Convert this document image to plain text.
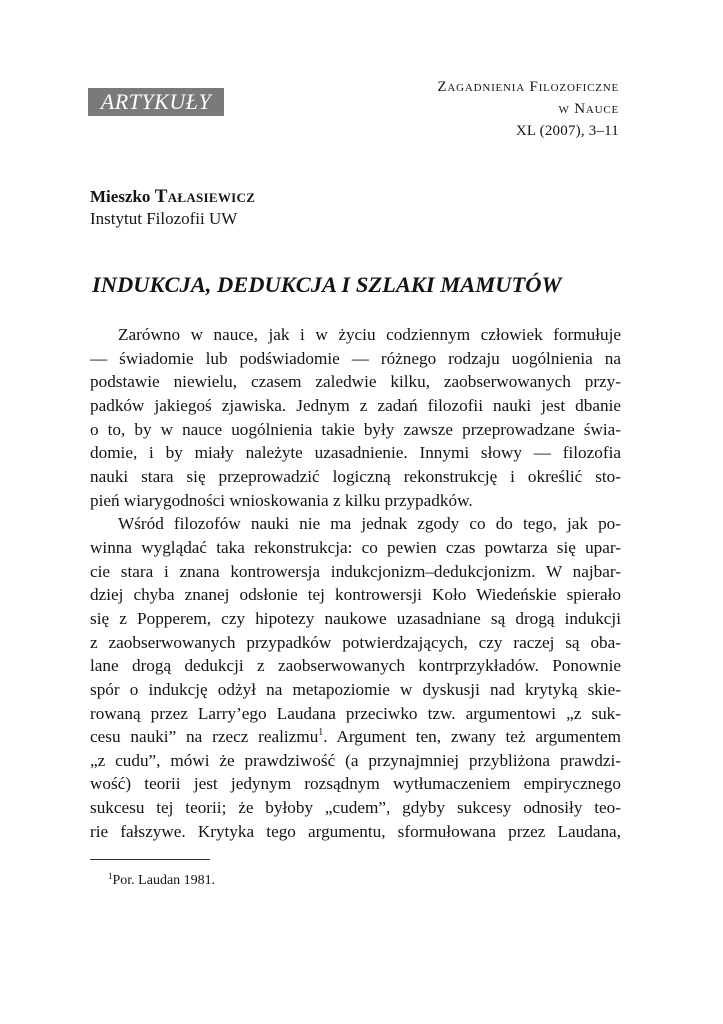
ARTYKUŁY
Zagadnienia Filozoficzne
w Nauce
XL (2007), 3–11
Mieszko Tałasiewicz
Instytut Filozofii UW
INDUKCJA, DEDUKCJA I SZLAKI MAMUTÓW
Zarówno w nauce, jak i w życiu codziennym człowiek formułuje
— świadomie lub podświadomie — różnego rodzaju uogólnienia na
podstawie niewielu, czasem zaledwie kilku, zaobserwowanych przy-
padków jakiegoś zjawiska. Jednym z zadań filozofii nauki jest dbanie
o to, by w nauce uogólnienia takie były zawsze przeprowadzane świa-
domie, i by miały należyte uzasadnienie. Innymi słowy — filozofia
nauki stara się przeprowadzić logiczną rekonstrukcję i określić sto-
pień wiarygodności wnioskowania z kilku przypadków.
Wśród filozofów nauki nie ma jednak zgody co do tego, jak po-
winna wyglądać taka rekonstrukcja: co pewien czas powtarza się upar-
cie stara i znana kontrowersja indukcjonizm–dedukcjonizm. W najbar-
dziej chyba znanej odsłonie tej kontrowersji Koło Wiedeńskie spierało
się z Popperem, czy hipotezy naukowe uzasadniane są drogą indukcji
z zaobserwowanych przypadków potwierdzających, czy raczej są oba-
lane drogą dedukcji z zaobserwowanych kontrprzykładów. Ponownie
spór o indukcję odżył na metapoziomie w dyskusji nad krytyką skie-
rowaną przez Larry’ego Laudana przeciwko tzw. argumentowi „z suk-
cesu nauki” na rzecz realizmu$^1$. Argument ten, zwany też argumentem
„z cudu”, mówi że prawdziwość (a przynajmniej przybliżona prawdzi-
wość) teorii jest jedynym rozsądnym wytłumaczeniem empirycznego
sukcesu tej teorii; że byłoby „cudem”, gdyby sukcesy odnosiły teo-
rie fałszywe. Krytyka tego argumentu, sformułowana przez Laudana,
$^1$Por. Laudan 1981.
